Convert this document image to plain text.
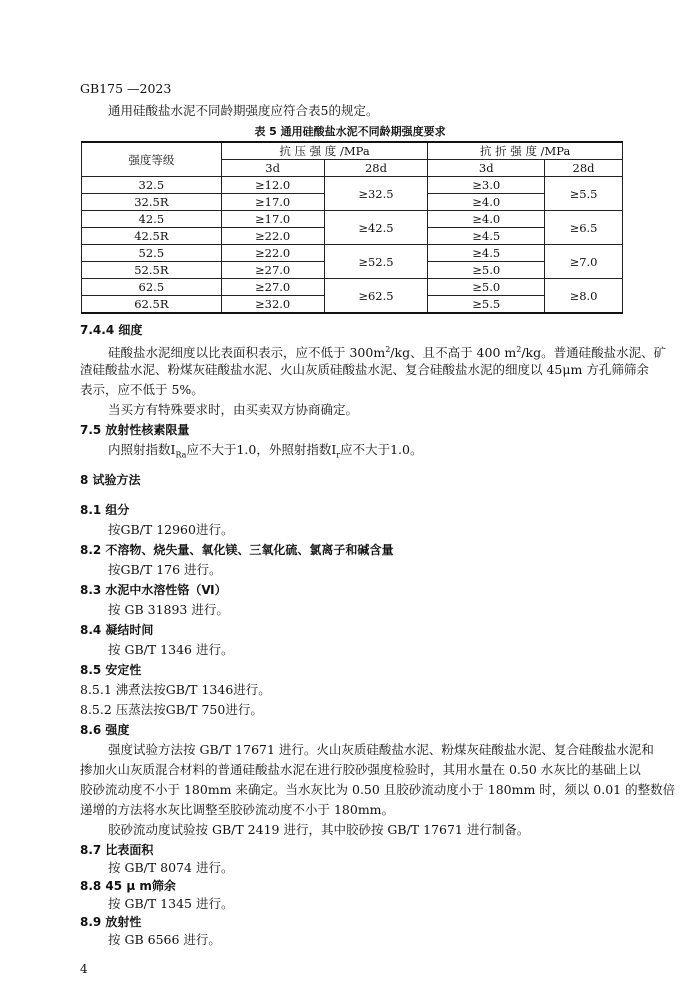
GB175 —2023
通用硅酸盐水泥不同龄期强度应符合表5的规定。
表 5 通用硅酸盐水泥不同龄期强度要求
强度等级	抗 压 强 度 /MPa		抗 折 强 度 /MPa	
	3d	28d	3d	28d
32.5	≥12.0	≥32.5	≥3.0	≥5.5
32.5R	≥17.0		≥4.0	
42.5	≥17.0	≥42.5	≥4.0	≥6.5
42.5R	≥22.0		≥4.5	
52.5	≥22.0	≥52.5	≥4.5	≥7.0
52.5R	≥27.0		≥5.0	
62.5	≥27.0	≥62.5	≥5.0	≥8.0
62.5R	≥32.0		≥5.5	
7.4.4 细度
硅酸盐水泥细度以比表面积表示，应不低于 $300m^2/kg$、且不高于 400 $m^2/kg$。普通硅酸盐水泥、矿
渣硅酸盐水泥、粉煤灰硅酸盐水泥、火山灰质硅酸盐水泥、复合硅酸盐水泥的细度以 45μm 方孔筛筛余
表示，应不低于 5%。
当买方有特殊要求时，由买卖双方协商确定。
7.5 放射性核素限量
内照射指数$I_{Ra}$应不大于1.0，外照射指数$I_r$应不大于1.0。
8 试验方法
8.1 组分
按GB/T 12960进行。
8.2 不溶物、烧失量、氧化镁、三氧化硫、氯离子和碱含量
按GB/T 176 进行。
8.3 水泥中水溶性铬（Ⅵ）
按 GB 31893 进行。
8.4 凝结时间
按 GB/T 1346 进行。
8.5 安定性
8.5.1 沸煮法按GB/T 1346进行。
8.5.2 压蒸法按GB/T 750进行。
8.6 强度
强度试验方法按 GB/T 17671 进行。火山灰质硅酸盐水泥、粉煤灰硅酸盐水泥、复合硅酸盐水泥和
掺加火山灰质混合材料的普通硅酸盐水泥在进行胶砂强度检验时，其用水量在 0.50 水灰比的基础上以
胶砂流动度不小于 180mm 来确定。当水灰比为 0.50 且胶砂流动度小于 180mm 时，须以 0.01 的整数倍
递增的方法将水灰比调整至胶砂流动度不小于 180mm。
胶砂流动度试验按 GB/T 2419 进行，其中胶砂按 GB/T 17671 进行制备。
8.7 比表面积
按 GB/T 8074 进行。
8.8 45 μ m筛余
按 GB/T 1345 进行。
4
8.9 放射性
按 GB 6566 进行。
